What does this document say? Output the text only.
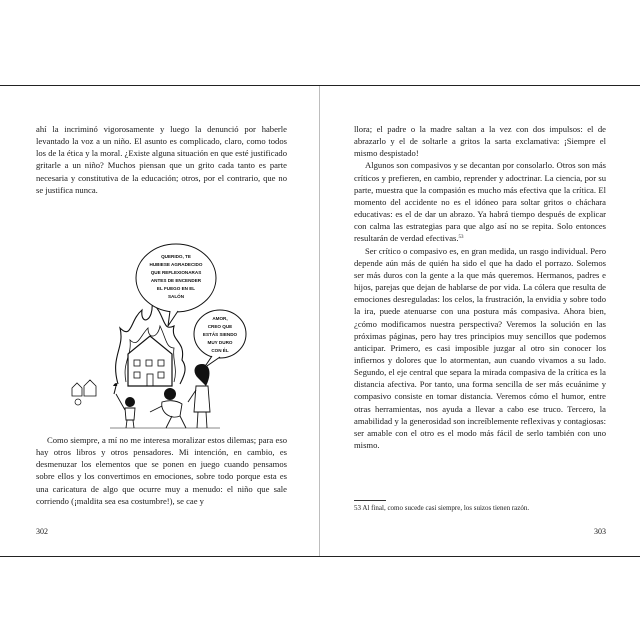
ahí la incriminó vigorosamente y luego la denunció por haberle levantado la voz a un niño. El asunto es complicado, claro, como todos los de la ética y la moral. ¿Existe alguna situación en que esté justificado gritarle a un niño? Muchos piensan que un grito cada tanto es parte necesaria y constitutiva de la educación; otros, por el contrario, que no se justifica nunca.

QUERIDO, TE
HUBIESE AGRADECIDO
QUE REFLEXIONARAS
ANTES DE ENCENDER
EL FUEGO EN EL
SALÓN
AMOR,
CREO QUE
ESTÁS SIENDO
MUY DURO
CON ÉL

Como siempre, a mí no me interesa moralizar estos dilemas; para eso hay otros libros y otros pensadores. Mi intención, en cambio, es desmenuzar los elementos que se ponen en juego cuando pensamos sobre ellos y los convertimos en emociones, sobre todo porque esta es una caricatura de algo que ocurre muy a menudo: el niño que sale corriendo (¡maldita sea esa costumbre!), se cae y

302

llora; el padre o la madre saltan a la vez con dos impulsos: el de abrazarlo y el de soltarle a gritos la sarta exclamativa: ¡Siempre el mismo despistado!

Algunos son compasivos y se decantan por consolarlo. Otros son más críticos y prefieren, en cambio, reprender y adoctrinar. La ciencia, por su parte, muestra que la compasión es mucho más efectiva que la crítica. El momento del accidente no es el idóneo para soltar gritos o cháchara educativas: es el de dar un abrazo. Ya habrá tiempo después de explicar con calma las estrategias para que algo así no se repita. Solo entonces resultarán de verdad efectivas.$^{53}$

Ser crítico o compasivo es, en gran medida, un rasgo individual. Pero depende aún más de quién ha sido el que ha dado el porrazo. Solemos ser más duros con la gente a la que más queremos. Hermanos, padres e hijos, parejas que dejan de hablarse de por vida. La cólera que resulta de emociones desreguladas: los celos, la frustración, la envidia y sobre todo la ira, puede atenuarse con una postura más compasiva. Ahora bien, ¿cómo modificamos nuestra perspectiva? Veremos la solución en las próximas páginas, pero hay tres principios muy sencillos que podemos anticipar. Primero, es casi imposible juzgar al otro sin conocer los infiernos y dolores que lo atormentan, aun cuando vivamos a su lado. Segundo, el eje central que separa la mirada compasiva de la crítica es la distancia afectiva. Por tanto, una forma sencilla de ser más ecuánime y compasivo consiste en tomar distancia. Veremos cómo el humor, entre otras herramientas, nos ayuda a llevar a cabo ese truco. Tercero, la amabilidad y la generosidad son increíblemente reflexivas y contagiosas: ser amable con el otro es el modo más fácil de serlo también con uno mismo.

53 Al final, como sucede casi siempre, los suizos tienen razón.
303
